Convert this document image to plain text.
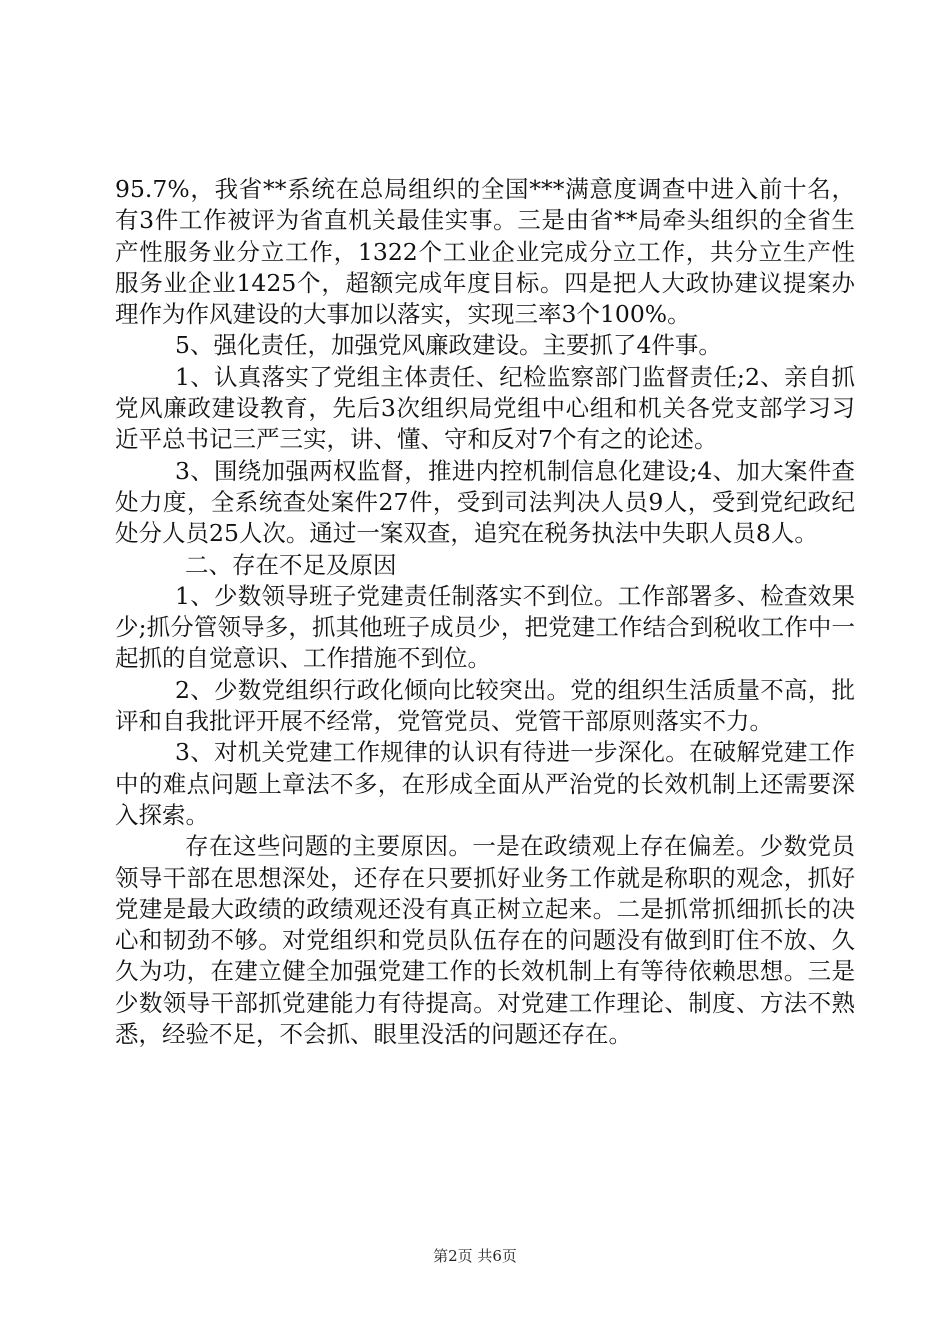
95.7%，我省**系统在总局组织的全国***满意度调查中进入前十名，有3件工作被评为省直机关最佳实事。三是由省**局牵头组织的全省生产性服务业分立工作，1322个工业企业完成分立工作，共分立生产性服务业企业1425个，超额完成年度目标。四是把人大政协建议提案办理作为作风建设的大事加以落实，实现三率3个100%。

5、强化责任，加强党风廉政建设。主要抓了4件事。

1、认真落实了党组主体责任、纪检监察部门监督责任;2、亲自抓党风廉政建设教育，先后3次组织局党组中心组和机关各党支部学习习近平总书记三严三实，讲、懂、守和反对7个有之的论述。

3、围绕加强两权监督，推进内控机制信息化建设;4、加大案件查处力度，全系统查处案件27件，受到司法判决人员9人，受到党纪政纪处分人员25人次。通过一案双查，追究在税务执法中失职人员8人。

二、存在不足及原因

1、少数领导班子党建责任制落实不到位。工作部署多、检查效果少;抓分管领导多，抓其他班子成员少，把党建工作结合到税收工作中一起抓的自觉意识、工作措施不到位。

2、少数党组织行政化倾向比较突出。党的组织生活质量不高，批评和自我批评开展不经常，党管党员、党管干部原则落实不力。

3、对机关党建工作规律的认识有待进一步深化。在破解党建工作中的难点问题上章法不多，在形成全面从严治党的长效机制上还需要深入探索。

存在这些问题的主要原因。一是在政绩观上存在偏差。少数党员领导干部在思想深处，还存在只要抓好业务工作就是称职的观念，抓好党建是最大政绩的政绩观还没有真正树立起来。二是抓常抓细抓长的决心和韧劲不够。对党组织和党员队伍存在的问题没有做到盯住不放、久久为功，在建立健全加强党建工作的长效机制上有等待依赖思想。三是少数领导干部抓党建能力有待提高。对党建工作理论、制度、方法不熟悉，经验不足，不会抓、眼里没活的问题还存在。

第2页 共6页
